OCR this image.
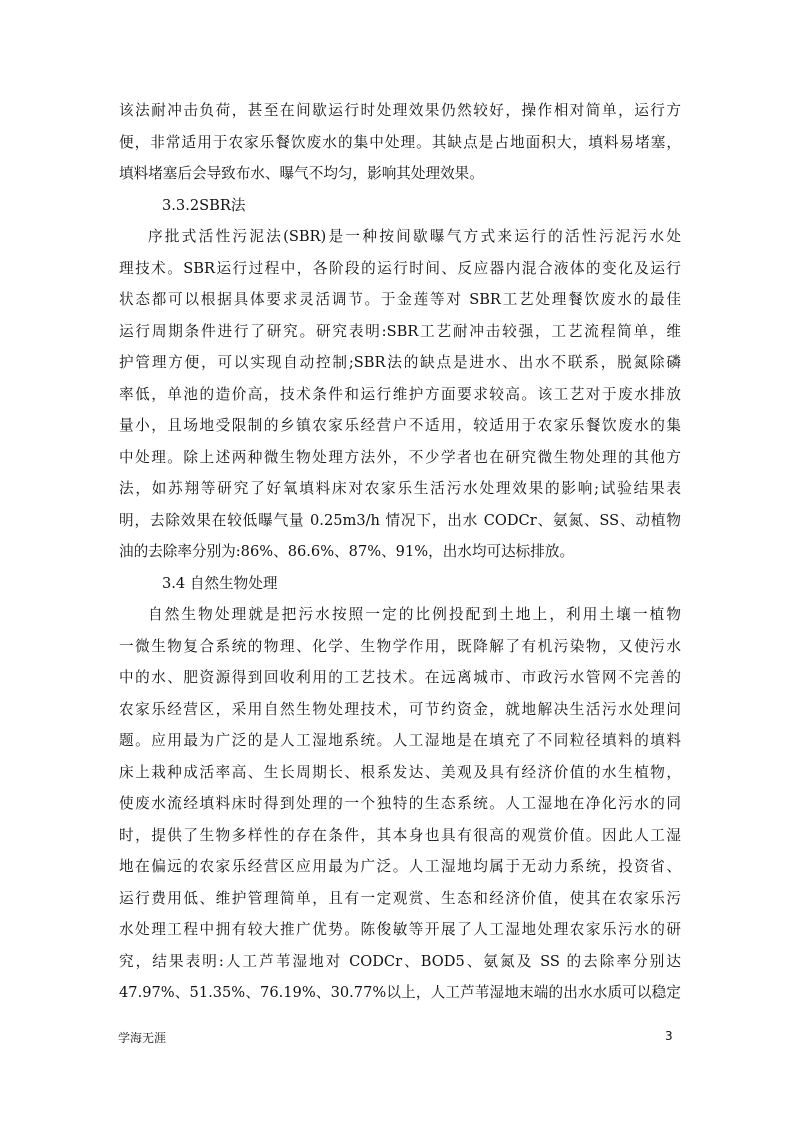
该法耐冲击负荷，甚至在间歇运行时处理效果仍然较好，操作相对简单，运行方
便，非常适用于农家乐餐饮废水的集中处理。其缺点是占地面积大，填料易堵塞，
填料堵塞后会导致布水、曝气不均匀，影响其处理效果。
3.3.2SBR法
序批式活性污泥法(SBR)是一种按间歇曝气方式来运行的活性污泥污水处
理技术。SBR运行过程中，各阶段的运行时间、反应器内混合液体的变化及运行
状态都可以根据具体要求灵活调节。于金莲等对 SBR工艺处理餐饮废水的最佳
运行周期条件进行了研究。研究表明:SBR工艺耐冲击较强，工艺流程简单，维
护管理方便，可以实现自动控制;SBR法的缺点是进水、出水不联系，脱氮除磷
率低，单池的造价高，技术条件和运行维护方面要求较高。该工艺对于废水排放
量小，且场地受限制的乡镇农家乐经营户不适用，较适用于农家乐餐饮废水的集
中处理。除上述两种微生物处理方法外，不少学者也在研究微生物处理的其他方
法，如苏翔等研究了好氧填料床对农家乐生活污水处理效果的影响;试验结果表
明，去除效果在较低曝气量 0.25m3/h 情况下，出水 CODCr、氨氮、SS、动植物
油的去除率分别为:86%、86.6%、87%、91%，出水均可达标排放。
3.4 自然生物处理
自然生物处理就是把污水按照一定的比例投配到土地上，利用土壤一植物
一微生物复合系统的物理、化学、生物学作用，既降解了有机污染物，又使污水
中的水、肥资源得到回收利用的工艺技术。在远离城市、市政污水管网不完善的
农家乐经营区，采用自然生物处理技术，可节约资金，就地解决生活污水处理问
题。应用最为广泛的是人工湿地系统。人工湿地是在填充了不同粒径填料的填料
床上栽种成活率高、生长周期长、根系发达、美观及具有经济价值的水生植物，
使废水流经填料床时得到处理的一个独特的生态系统。人工湿地在净化污水的同
时，提供了生物多样性的存在条件，其本身也具有很高的观赏价值。因此人工湿
地在偏远的农家乐经营区应用最为广泛。人工湿地均属于无动力系统，投资省、
运行费用低、维护管理简单，且有一定观赏、生态和经济价值，使其在农家乐污
水处理工程中拥有较大推广优势。陈俊敏等开展了人工湿地处理农家乐污水的研
究，结果表明:人工芦苇湿地对 CODCr、BOD5、氨氮及 SS 的去除率分别达
47.97%、51.35%、76.19%、30.77%以上，人工芦苇湿地末端的出水水质可以稳定
学海无涯	3
